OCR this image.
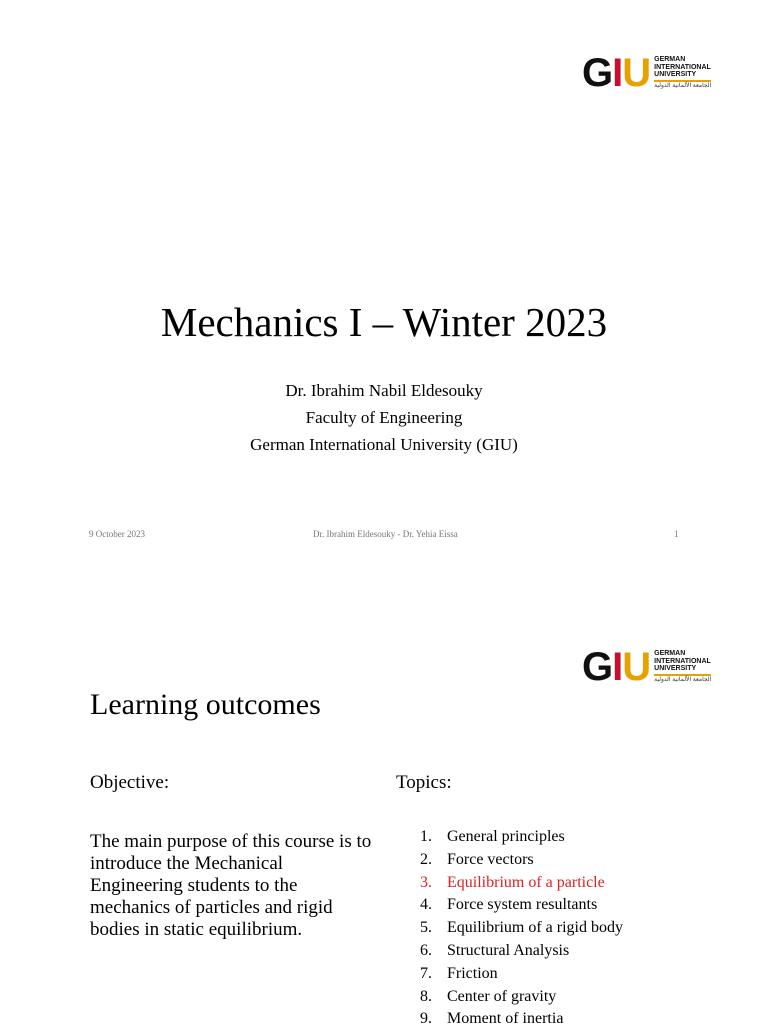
G I U GERMAN
INTERNATIONAL
UNIVERSITY
الجامعة الألمانية الدولية
Mechanics I – Winter 2023
Dr. Ibrahim Nabil Eldesouky
Faculty of Engineering
German International University (GIU)
9 October 2023	Dr. Ibrahim Eldesouky - Dr. Yehia Eissa	1
G I U GERMAN
INTERNATIONAL
UNIVERSITY
الجامعة الألمانية الدولية
Learning outcomes
Objective:	Topics:
The main purpose of this course is to introduce the Mechanical Engineering students to the mechanics of particles and rigid bodies in static equilibrium.
1. General principles
2. Force vectors
3. Equilibrium of a particle
4. Force system resultants
5. Equilibrium of a rigid body
6. Structural Analysis
7. Friction
8. Center of gravity
9. Moment of inertia
